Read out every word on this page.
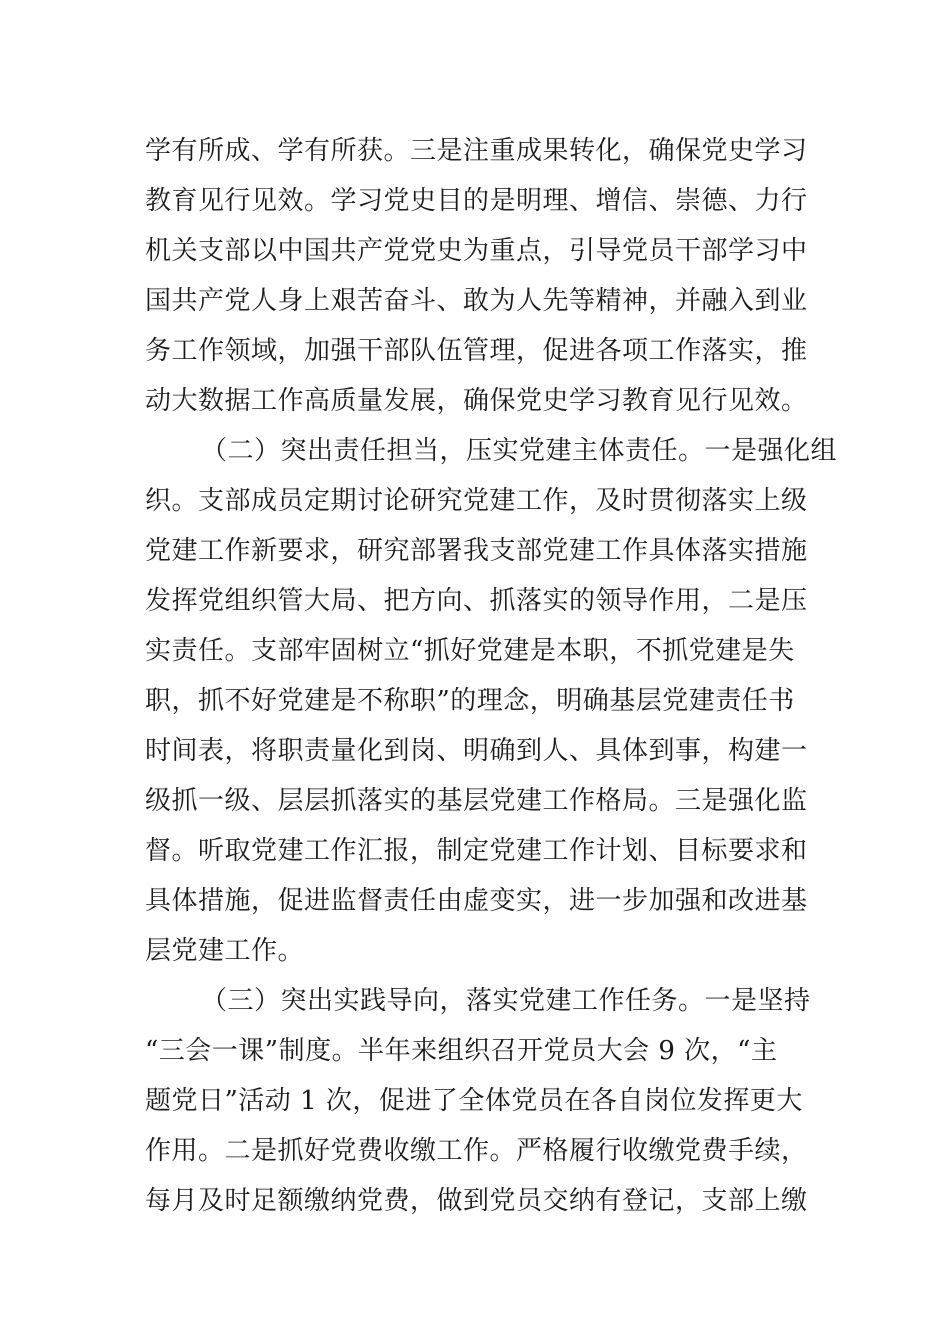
学有所成、学有所获。三是注重成果转化，确保党史学习
教育见行见效。学习党史目的是明理、增信、崇德、力行
机关支部以中国共产党党史为重点，引导党员干部学习中
国共产党人身上艰苦奋斗、敢为人先等精神，并融入到业
务工作领域，加强干部队伍管理，促进各项工作落实，推
动大数据工作高质量发展，确保党史学习教育见行见效。
（二）突出责任担当，压实党建主体责任。一是强化组
织。支部成员定期讨论研究党建工作，及时贯彻落实上级
党建工作新要求，研究部署我支部党建工作具体落实措施
发挥党组织管大局、把方向、抓落实的领导作用，二是压
实责任。支部牢固树立“抓好党建是本职，不抓党建是失
职，抓不好党建是不称职”的理念，明确基层党建责任书
时间表，将职责量化到岗、明确到人、具体到事，构建一
级抓一级、层层抓落实的基层党建工作格局。三是强化监
督。听取党建工作汇报，制定党建工作计划、目标要求和
具体措施，促进监督责任由虚变实，进一步加强和改进基
层党建工作。
（三）突出实践导向，落实党建工作任务。一是坚持
“三会一课”制度。半年来组织召开党员大会 9 次，“主
题党日”活动 1 次，促进了全体党员在各自岗位发挥更大
作用。二是抓好党费收缴工作。严格履行收缴党费手续，
每月及时足额缴纳党费，做到党员交纳有登记，支部上缴
